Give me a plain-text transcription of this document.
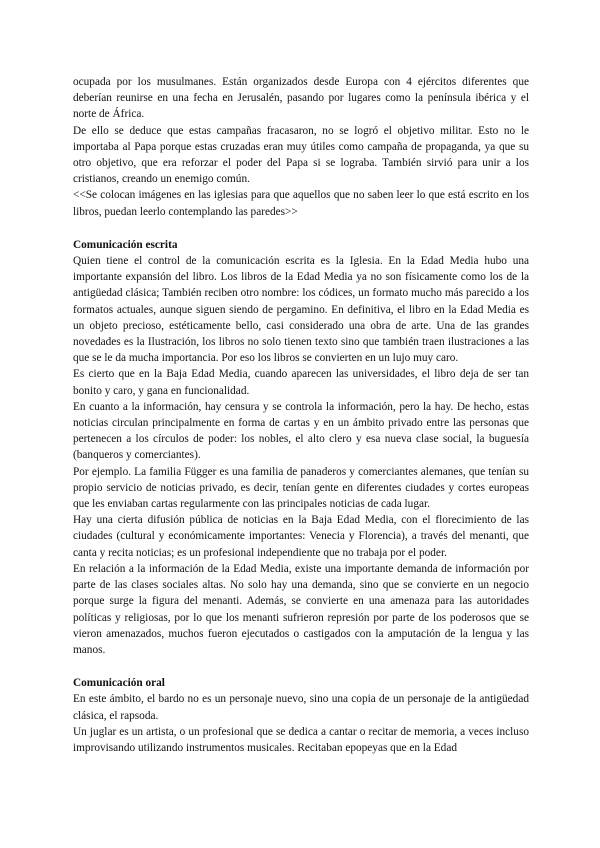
ocupada por los musulmanes. Están organizados desde Europa con 4 ejércitos diferentes que deberían reunirse en una fecha en Jerusalén, pasando por lugares como la península ibérica y el norte de África.

De ello se deduce que estas campañas fracasaron, no se logró el objetivo militar. Esto no le importaba al Papa porque estas cruzadas eran muy útiles como campaña de propaganda, ya que su otro objetivo, que era reforzar el poder del Papa si se lograba. También sirvió para unir a los cristianos, creando un enemigo común.

<<Se colocan imágenes en las iglesias para que aquellos que no saben leer lo que está escrito en los libros, puedan leerlo contemplando las paredes>>

Comunicación escrita

Quien tiene el control de la comunicación escrita es la Iglesia. En la Edad Media hubo una importante expansión del libro. Los libros de la Edad Media ya no son físicamente como los de la antigüedad clásica; También reciben otro nombre: los códices, un formato mucho más parecido a los formatos actuales, aunque siguen siendo de pergamino. En definitiva, el libro en la Edad Media es un objeto precioso, estéticamente bello, casi considerado una obra de arte. Una de las grandes novedades es la Ilustración, los libros no solo tienen texto sino que también traen ilustraciones a las que se le da mucha importancia. Por eso los libros se convierten en un lujo muy caro.

Es cierto que en la Baja Edad Media, cuando aparecen las universidades, el libro deja de ser tan bonito y caro, y gana en funcionalidad.

En cuanto a la información, hay censura y se controla la información, pero la hay. De hecho, estas noticias circulan principalmente en forma de cartas y en un ámbito privado entre las personas que pertenecen a los círculos de poder: los nobles, el alto clero y esa nueva clase social, la buguesía (banqueros y comerciantes).

Por ejemplo. La familia Függer es una familia de panaderos y comerciantes alemanes, que tenían su propio servicio de noticias privado, es decir, tenían gente en diferentes ciudades y cortes europeas que les enviaban cartas regularmente con las principales noticias de cada lugar.

Hay una cierta difusión pública de noticias en la Baja Edad Media, con el florecimiento de las ciudades (cultural y económicamente importantes: Venecia y Florencia), a través del menanti, que canta y recita noticias; es un profesional independiente que no trabaja por el poder.

En relación a la información de la Edad Media, existe una importante demanda de información por parte de las clases sociales altas. No solo hay una demanda, sino que se convierte en un negocio porque surge la figura del menanti. Además, se convierte en una amenaza para las autoridades políticas y religiosas, por lo que los menanti sufrieron represión por parte de los poderosos que se vieron amenazados, muchos fueron ejecutados o castigados con la amputación de la lengua y las manos.

Comunicación oral

En este ámbito, el bardo no es un personaje nuevo, sino una copia de un personaje de la antigüedad clásica, el rapsoda.

Un juglar es un artista, o un profesional que se dedica a cantar o recitar de memoria, a veces incluso improvisando utilizando instrumentos musicales. Recitaban epopeyas que en la Edad
